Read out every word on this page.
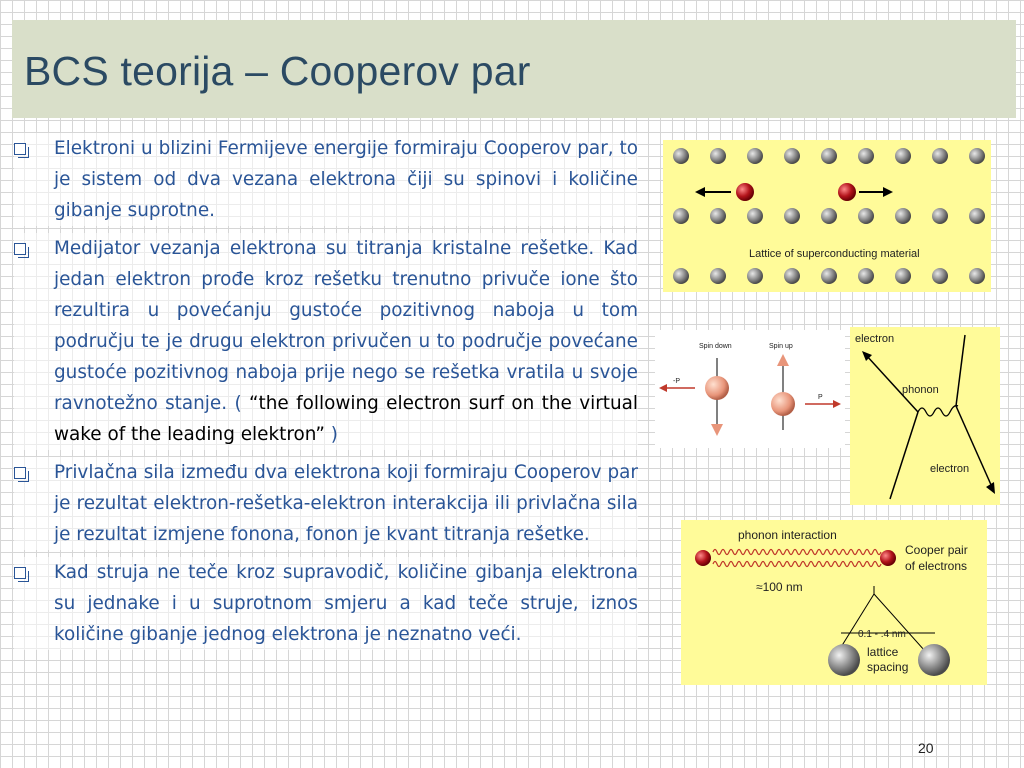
BCS teorija – Cooperov par
Elektroni u blizini Fermijeve energije formiraju Cooperov par, to je sistem od dva vezana elektrona čiji su spinovi i količine gibanje suprotne.
Medijator vezanja elektrona su titranja kristalne rešetke. Kad jedan elektron prođe kroz rešetku trenutno privuče ione što rezultira u povećanju gustoće pozitivnog naboja u tom području te je drugu elektron privučen u to područje povećane gustoće pozitivnog naboja prije nego se rešetka vratila u svoje ravnotežno stanje. ( “the following electron surf on the virtual wake of the leading elektron” )
Privlačna sila između dva elektrona koji formiraju Cooperov par je rezultat elektron-rešetka-elektron interakcija ili privlačna sila je rezultat izmjene fonona, fonon je kvant titranja rešetke.
Kad struja ne teče kroz supravodič, količine gibanja elektrona su jednake i u suprotnom smjeru a kad teče struje, iznos količine gibanje jednog elektrona je neznatno veći.
Lattice of superconducting material
Spin down	Spin up
-P
P
electron
phonon
electron
phonon interaction
Cooper pair
of electrons
≈100 nm
0.1 - .4 nm
lattice
spacing
20
